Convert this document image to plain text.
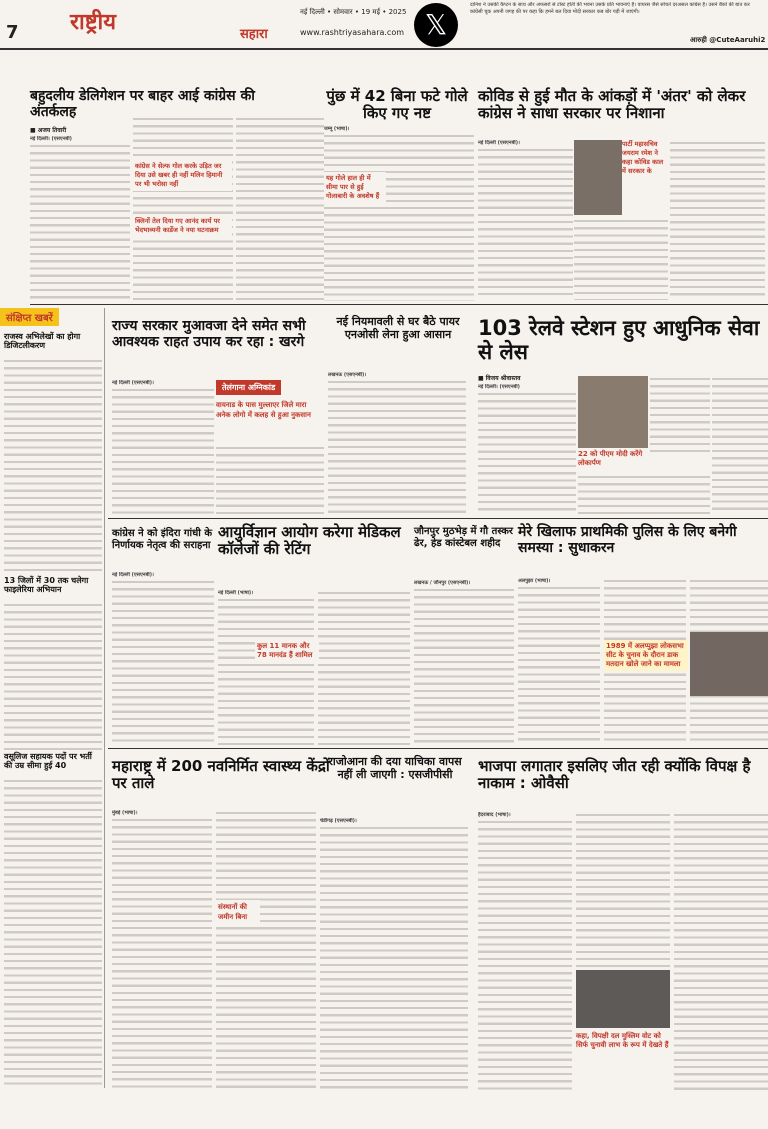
7 राष्ट्रीय	नई दिल्ली • सोमवार • 19 मई • 2025
सहारा	www.rashtriyasahara.com 𝕏
दानिश ने उसकी कैप्टन के साथ और अफसरों से टोस्ट होती की भवना उसके प्रति भावनाएं हैं। वायरस जैसे सोचते दरअसल कांग्रेस है। उसने बैंकों की बात कर कांग्रेसी चूक अपनी जगह की पर कहा कि हमने बल दिया मोदी सरकार कब बोर पड़ी में जाएंगी।
आरुही @CuteAaruhi2
बहुदलीय डेलिगेशन पर बाहर आई कांग्रेस की अंतर्कलह
■ अजय तिवारी
नई दिल्ली। (एसएनबी)
कांग्रेस ने सेल्फ गोल करके उड़ित जर दिया उसे खबर ही नहीं मलिन हिमानी पर भी भरोसा नहीं
क्लिनों तेल दिया गए आनंद कार्य पर भेदभाव्यनी कार्डेज ने नया घटनाक्रम
पुंछ में 42 बिना फटे गोले किए गए नष्ट
जम्मू (भाषा)।
यह गोले हाल ही में सीमा पार से हुई गोलाबारी के अवशेष हैं
कोविड से हुई मौत के आंकड़ों में 'अंतर' को लेकर कांग्रेस ने साधा सरकार पर निशाना
नई दिल्ली (एसएनबी)।	पार्टी महासचिव जयराम रमेश ने कहा कोविड काल में सरकार के
संक्षिप्त खबरें
राजस्व अभिलेखों का होगा डिजिटलीकरण
13 जिलों में 30 तक चलेगा फाइलेरिया अभियान
वसूलिज सहायक पदों पर भर्ती की उम्र सीमा हुई 40
राज्य सरकार मुआवजा देने समेत सभी आवश्यक राहत उपाय कर रहा : खरगे
नई दिल्ली (एसएनबी)।	तेलंगाना अग्निकांड
वायनाड के पास मुल्लाएर जिले मारा अनेक लोगो में कलह से हुआ नुकसान
नई नियमावली से घर बैठे पायर एनओसी लेना हुआ आसान
लखनऊ (एसएनबी)।
103 रेलवे स्टेशन हुए आधुनिक सेवा से लेस
■ विजय श्रीवास्तव
नई दिल्ली। (एसएनबी)
22 को पीएम मोदी करेंगे लोकार्पण
कांग्रेस ने को इंदिरा गांधी के निर्णायक नेतृत्व की सराहना
नई दिल्ली (एसएनबी)।
आयुर्विज्ञान आयोग करेगा मेडिकल कॉलेजों की रेटिंग
नई दिल्ली (भाषा)।
कुल 11 मानक और 78 मानदंड हैं शामिल
जौनपुर मुठभेड़ में गौ तस्कर ढेर, हेड कांस्टेबल शहीद
लखनऊ / जौनपुर (एसएनबी)।
मेरे खिलाफ प्राथमिकी पुलिस के लिए बनेगी समस्या : सुधाकरन
अलपुझा (भाषा)।
1989 में अलप्पुझा लोकसभा सीट के चुनाव के दौरान डाक मतदान खोले जाने का मामला
महाराष्ट्र में 200 नवनिर्मित स्वास्थ्य केंद्रों पर ताले
मुंबई (भाषा)।
संस्थानों की जमीन बिना
राजोआना की दया याचिका वापस नहीं ली जाएगी : एसजीपीसी
चंडीगढ़ (एसएनबी)।
भाजपा लगातार इसलिए जीत रही क्योंकि विपक्ष है नाकाम : ओवैसी
हैदराबाद (भाषा)।
कहा, विपक्षी दल मुस्लिम वोट को सिर्फ चुनावी लाभ के रूप में देखते हैं
